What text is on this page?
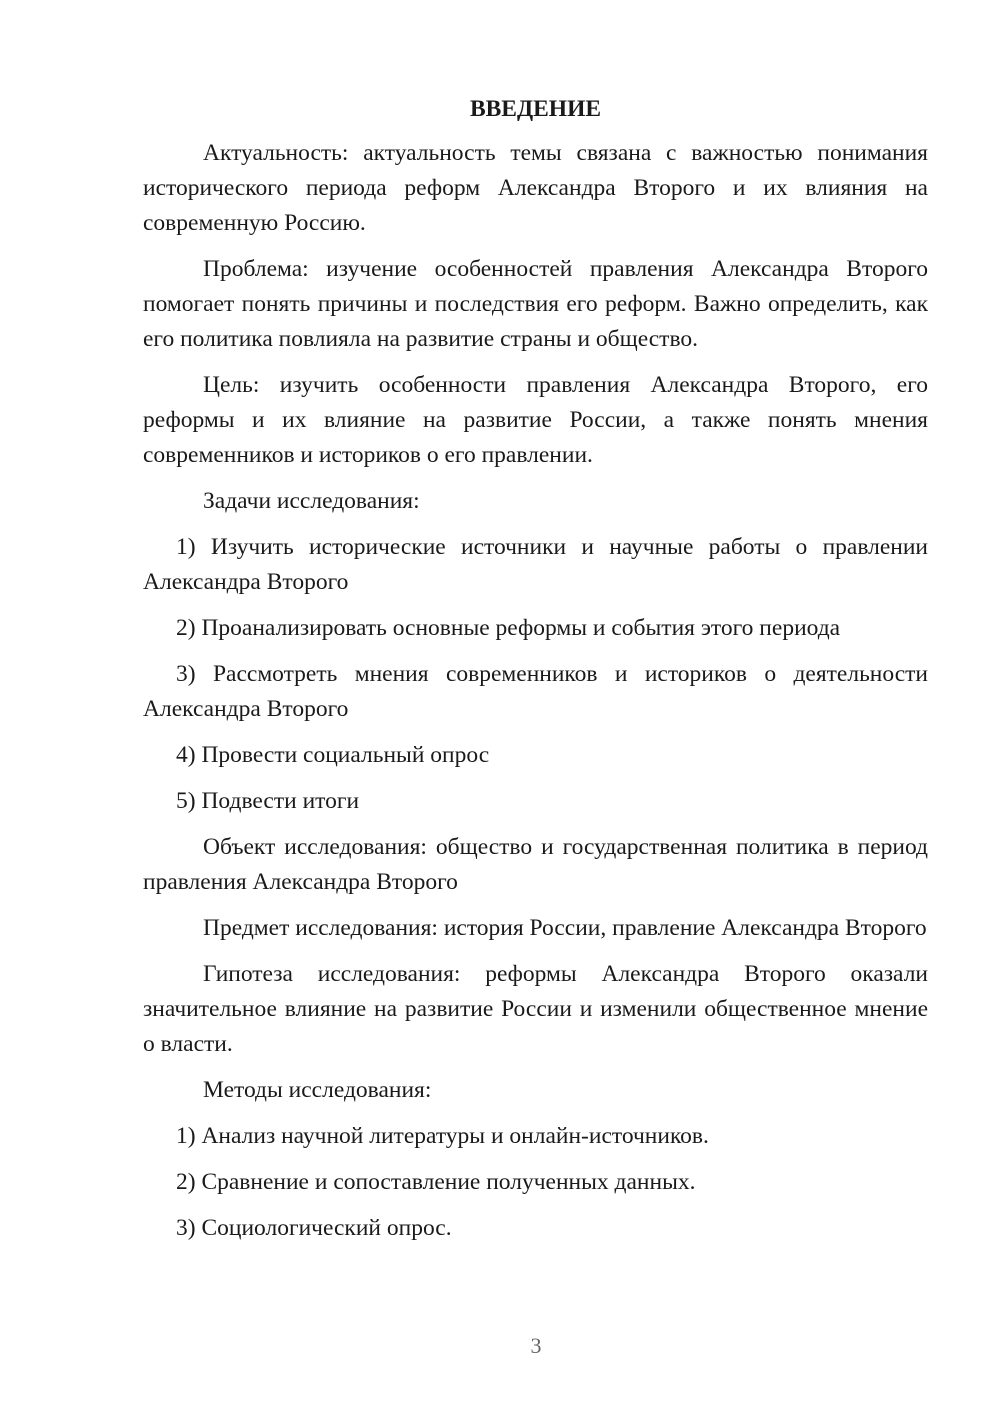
ВВЕДЕНИЕ

Актуальность: актуальность темы связана с важностью понимания исторического периода реформ Александра Второго и их влияния на современную Россию.

Проблема: изучение особенностей правления Александра Второго помогает понять причины и последствия его реформ. Важно определить, как его политика повлияла на развитие страны и общество.

Цель: изучить особенности правления Александра Второго, его реформы и их влияние на развитие России, а также понять мнения современников и историков о его правлении.

Задачи исследования:

1) Изучить исторические источники и научные работы о правлении Александра Второго

2) Проанализировать основные реформы и события этого периода

3) Рассмотреть мнения современников и историков о деятельности Александра Второго

4) Провести социальный опрос

5) Подвести итоги

Объект исследования: общество и государственная политика в период правления Александра Второго

Предмет исследования: история России, правление Александра Второго

Гипотеза исследования: реформы Александра Второго оказали значительное влияние на развитие России и изменили общественное мнение о власти.

Методы исследования:

1) Анализ научной литературы и онлайн-источников.

2) Сравнение и сопоставление полученных данных.

3) Социологический опрос.

3
